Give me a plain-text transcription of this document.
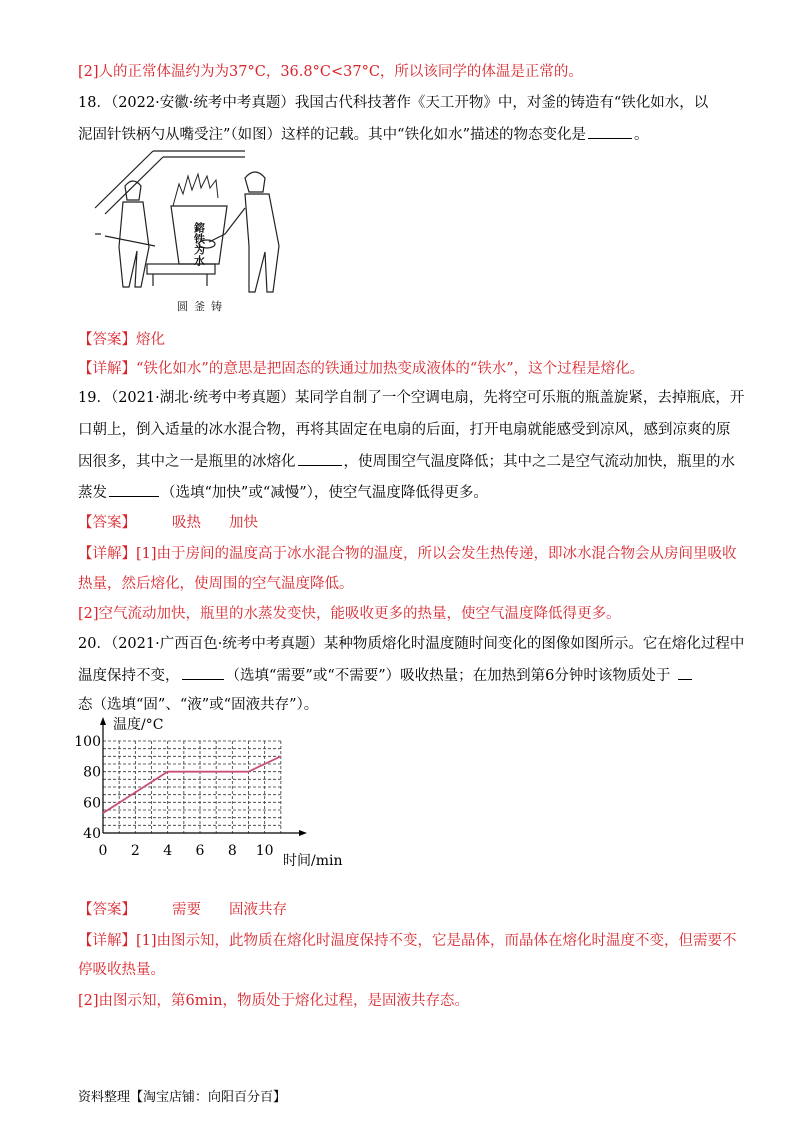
[2]人的正常体温约为为37°C，36.8°C<37°C，所以该同学的体温是正常的。
18．（2022·安徽·统考中考真题）我国古代科技著作《天工开物》中，对釜的铸造有“铁化如水，以
泥固针铁柄勺从嘴受注”（如图）这样的记载。其中“铁化如水”描述的物态变化是	。
鎔铁为水
圆釜铸
【答案】熔化
【详解】“铁化如水”的意思是把固态的铁通过加热变成液体的“铁水”，这个过程是熔化。
19．（2021·湖北·统考中考真题）某同学自制了一个空调电扇，先将空可乐瓶的瓶盖旋紧，去掉瓶底，开
口朝上，倒入适量的冰水混合物，再将其固定在电扇的后面，打开电扇就能感受到凉风，感到凉爽的原
因很多，其中之一是瓶里的冰熔化	，使周围空气温度降低；其中之二是空气流动加快，瓶里的水
蒸发	（选填“加快”或“减慢”），使空气温度降低得更多。
【答案】 吸热 加快
【详解】[1]由于房间的温度高于冰水混合物的温度，所以会发生热传递，即冰水混合物会从房间里吸收
热量，然后熔化，使周围的空气温度降低。
[2]空气流动加快，瓶里的水蒸发变快，能吸收更多的热量，使空气温度降低得更多。
20．（2021·广西百色·统考中考真题）某种物质熔化时温度随时间变化的图像如图所示。它在熔化过程中
温度保持不变，	（选填“需要”或“不需要”）吸收热量；在加热到第6分钟时该物质处于
态（选填“固”、“液”或“固液共存”）。
0 2 4 6 8 10
40
60
80
100
温度/°C
时间/min
【答案】 需要 固液共存
【详解】[1]由图示知，此物质在熔化时温度保持不变，它是晶体，而晶体在熔化时温度不变，但需要不
停吸收热量。
[2]由图示知，第6min，物质处于熔化过程，是固液共存态。
资料整理【淘宝店铺：向阳百分百】
